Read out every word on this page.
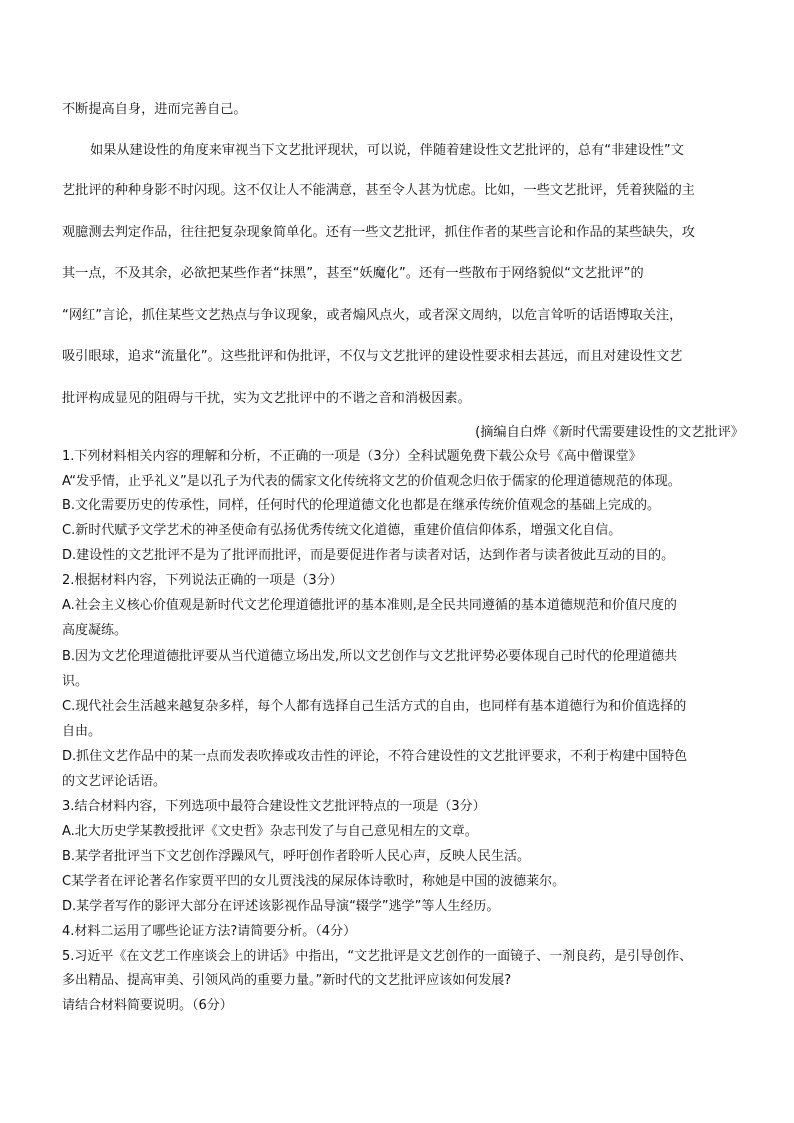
不断提高自身，进而完善自己。
如果从建设性的角度来审视当下文艺批评现状，可以说，伴随着建设性文艺批评的，总有“非建设性”文
艺批评的种种身影不时闪现。这不仅让人不能满意，甚至令人甚为忧虑。比如，一些文艺批评，凭着狭隘的主
观臆测去判定作品，往往把复杂现象简单化。还有一些文艺批评，抓住作者的某些言论和作品的某些缺失，攻
其一点，不及其余，必欲把某些作者“抹黑”，甚至“妖魔化”。还有一些散布于网络貌似“文艺批评”的
“网红”言论，抓住某些文艺热点与争议现象，或者煽风点火，或者深文周纳，以危言耸听的话语博取关注，
吸引眼球，追求“流量化”。这些批评和伪批评，不仅与文艺批评的建设性要求相去甚远，而且对建设性文艺
批评构成显见的阻碍与干扰，实为文艺批评中的不谐之音和消极因素。
(摘编自白烨《新时代需要建设性的文艺批评》
1.下列材料相关内容的理解和分析，不正确的一项是（3分）全科试题免费下载公众号《高中僧课堂》
A“发乎情，止乎礼义”是以孔子为代表的儒家文化传统将文艺的价值观念归依于儒家的伦理道德规范的体现。
B.文化需要历史的传承性，同样，任何时代的伦理道德文化也都是在继承传统价值观念的基础上完成的。
C.新时代赋予文学艺术的神圣使命有弘扬优秀传统文化道德，重建价值信仰体系，增强文化自信。
D.建设性的文艺批评不是为了批评而批评，而是要促进作者与读者对话，达到作者与读者彼此互动的目的。
2.根据材料内容，下列说法正确的一项是（3分）
A.社会主义核心价值观是新时代文艺伦理道德批评的基本准则,是全民共同遵循的基本道德规范和价值尺度的
高度凝练。
B.因为文艺伦理道德批评要从当代道德立场出发,所以文艺创作与文艺批评势必要体现自己时代的伦理道德共
识。
C.现代社会生活越来越复杂多样，每个人都有选择自己生活方式的自由，也同样有基本道德行为和价值选择的
自由。
D.抓住文艺作品中的某一点而发表吹捧或攻击性的评论，不符合建设性的文艺批评要求，不利于构建中国特色
的文艺评论话语。
3.结合材料内容，下列选项中最符合建设性文艺批评特点的一项是（3分）
A.北大历史学某教授批评《文史哲》杂志刊发了与自己意见相左的文章。
B.某学者批评当下文艺创作浮躁风气，呼吁创作者聆听人民心声，反映人民生活。
C某学者在评论著名作家贾平凹的女儿贾浅浅的屎尿体诗歌时，称她是中国的波德莱尔。
D.某学者写作的影评大部分在评述该影视作品导演“辍学”逃学”等人生经历。
4.材料二运用了哪些论证方法?请简要分析。（4分）
5.习近平《在文艺工作座谈会上的讲话》中指出，“文艺批评是文艺创作的一面镜子、一剂良药，是引导创作、
多出精品、提高审美、引领风尚的重要力量。”新时代的文艺批评应该如何发展?
请结合材料简要说明。（6分）
